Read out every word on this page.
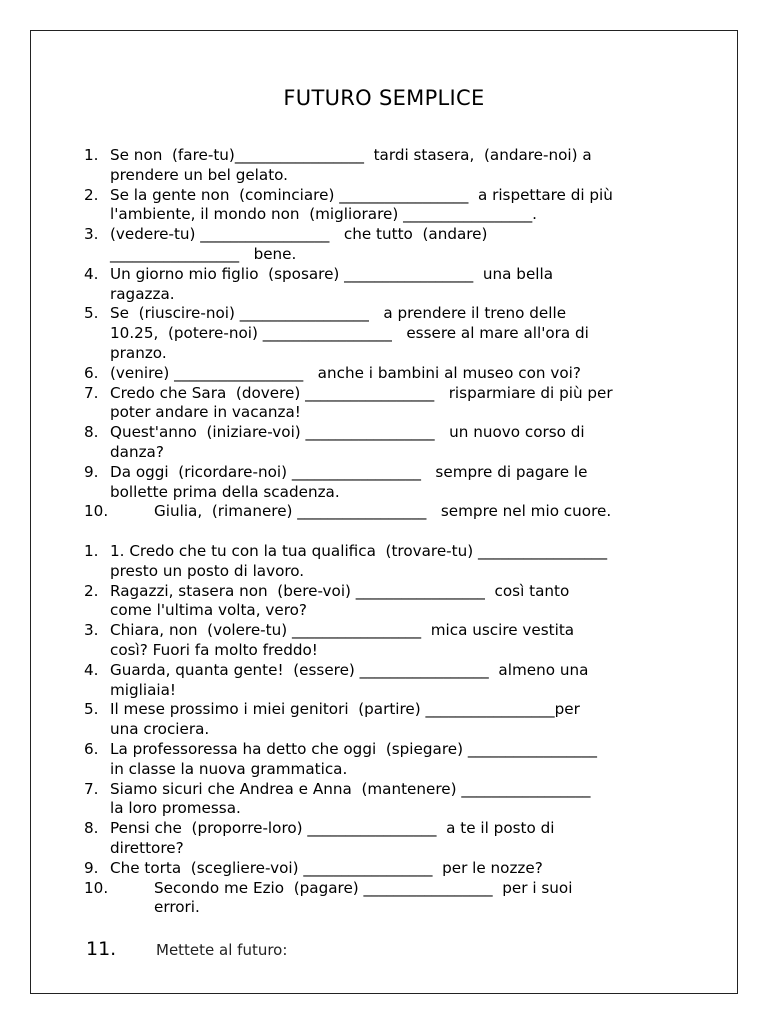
FUTURO SEMPLICE
1. Se non  (fare-tu)_________________  tardi stasera,  (andare-noi) a
prendere un bel gelato.
2. Se la gente non  (cominciare) _________________  a rispettare di più
l'ambiente, il mondo non  (migliorare) _________________.
3. (vedere-tu) _________________   che tutto  (andare)
_________________   bene.
4. Un giorno mio figlio  (sposare) _________________  una bella
ragazza.
5. Se  (riuscire-noi) _________________   a prendere il treno delle
10.25,  (potere-noi) _________________   essere al mare all'ora di
pranzo.
6. (venire) _________________   anche i bambini al museo con voi?
7. Credo che Sara  (dovere) _________________   risparmiare di più per
poter andare in vacanza!
8. Quest'anno  (iniziare-voi) _________________   un nuovo corso di
danza?
9. Da oggi  (ricordare-noi) _________________   sempre di pagare le
bollette prima della scadenza.
10.	Giulia,  (rimanere) _________________   sempre nel mio cuore.
1. 1. Credo che tu con la tua qualifica  (trovare-tu) _________________
presto un posto di lavoro.
2. Ragazzi, stasera non  (bere-voi) _________________  così tanto
come l'ultima volta, vero?
3. Chiara, non  (volere-tu) _________________  mica uscire vestita
così? Fuori fa molto freddo!
4. Guarda, quanta gente!  (essere) _________________  almeno una
migliaia!
5. Il mese prossimo i miei genitori  (partire) _________________per
una crociera.
6. La professoressa ha detto che oggi  (spiegare) _________________
in classe la nuova grammatica.
7. Siamo sicuri che Andrea e Anna  (mantenere) _________________
la loro promessa.
8. Pensi che  (proporre-loro) _________________  a te il posto di
direttore?
9. Che torta  (scegliere-voi) _________________  per le nozze?
10.	Secondo me Ezio  (pagare) _________________  per i suoi
errori.
11.	Mettete al futuro:
